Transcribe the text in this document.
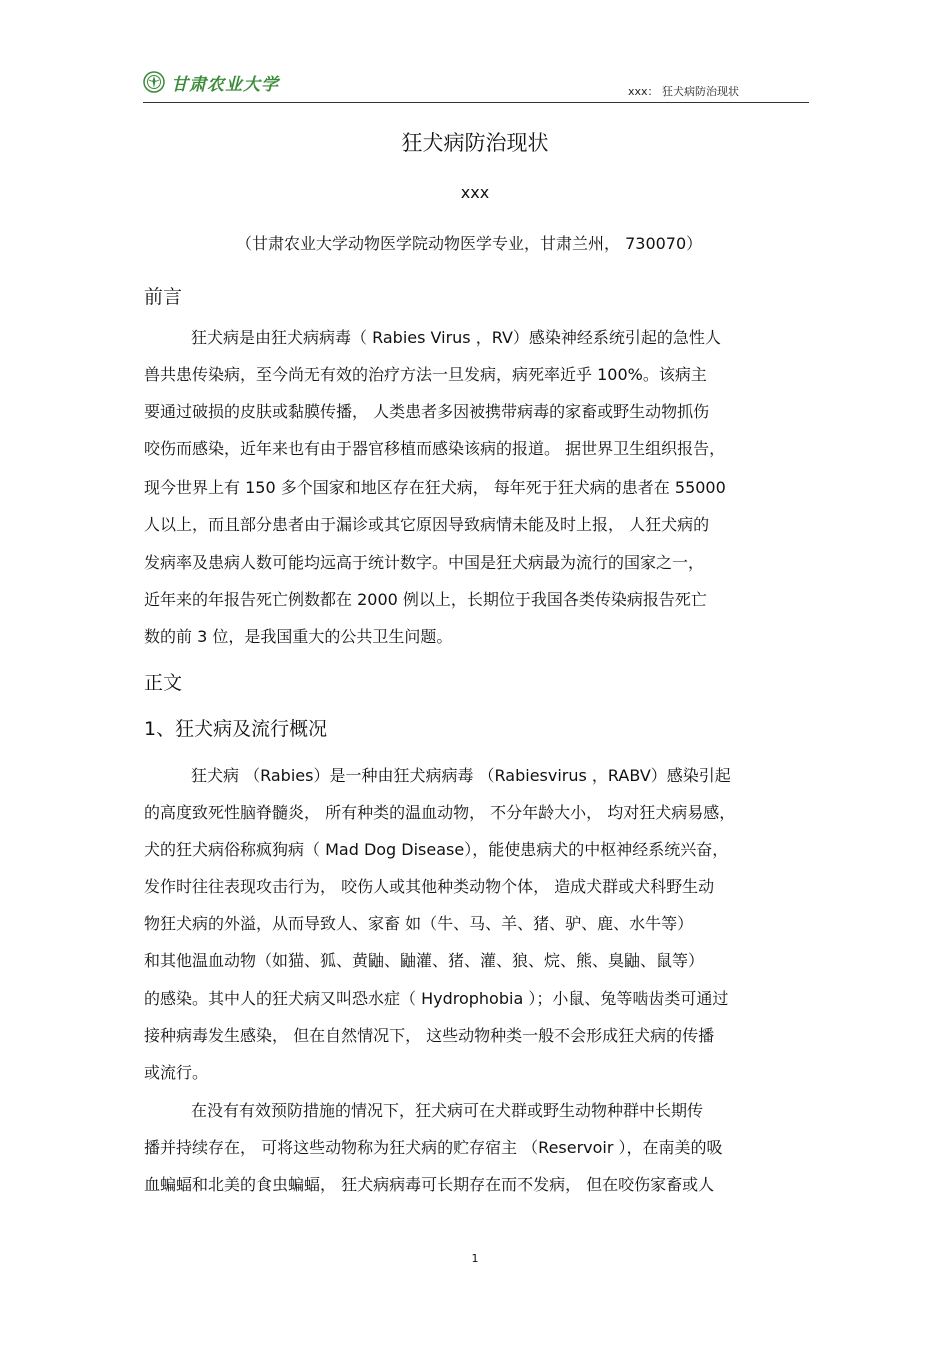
甘肃农业大学	xxx： 狂犬病防治现状
狂犬病防治现状
xxx
（甘肃农业大学动物医学院动物医学专业，甘肃兰州， 730070）
前言
狂犬病是由狂犬病病毒（ Rabies Virus ，RV）感染神经系统引起的急性人
兽共患传染病，至今尚无有效的治疗方法一旦发病，病死率近乎 100%。该病主
要通过破损的皮肤或黏膜传播， 人类患者多因被携带病毒的家畜或野生动物抓伤
咬伤而感染，近年来也有由于器官移植而感染该病的报道。 据世界卫生组织报告，
现今世界上有 150 多个国家和地区存在狂犬病， 每年死于狂犬病的患者在 55000
人以上，而且部分患者由于漏诊或其它原因导致病情未能及时上报， 人狂犬病的
发病率及患病人数可能均远高于统计数字。中国是狂犬病最为流行的国家之一，
近年来的年报告死亡例数都在 2000 例以上，长期位于我国各类传染病报告死亡
数的前 3 位，是我国重大的公共卫生问题。
正文
1、狂犬病及流行概况
狂犬病 （Rabies）是一种由狂犬病病毒 （Rabiesvirus ，RABV）感染引起
的高度致死性脑脊髓炎， 所有种类的温血动物， 不分年龄大小， 均对狂犬病易感，
犬的狂犬病俗称疯狗病（ Mad Dog Disease），能使患病犬的中枢神经系统兴奋，
发作时往往表现攻击行为， 咬伤人或其他种类动物个体， 造成犬群或犬科野生动
物狂犬病的外溢，从而导致人、家畜 如（牛、马、羊、猪、驴、鹿、水牛等）
和其他温血动物（如猫、狐、黄鼬、鼬灌、猪、灌、狼、烷、熊、臭鼬、鼠等）
的感染。其中人的狂犬病又叫恐水症（ Hydrophobia ）；小鼠、兔等啮齿类可通过
接种病毒发生感染， 但在自然情况下， 这些动物种类一般不会形成狂犬病的传播
或流行。
在没有有效预防措施的情况下，狂犬病可在犬群或野生动物种群中长期传
播并持续存在， 可将这些动物称为狂犬病的贮存宿主 （Reservoir ），在南美的吸
血蝙蝠和北美的食虫蝙蝠， 狂犬病病毒可长期存在而不发病， 但在咬伤家畜或人
1
